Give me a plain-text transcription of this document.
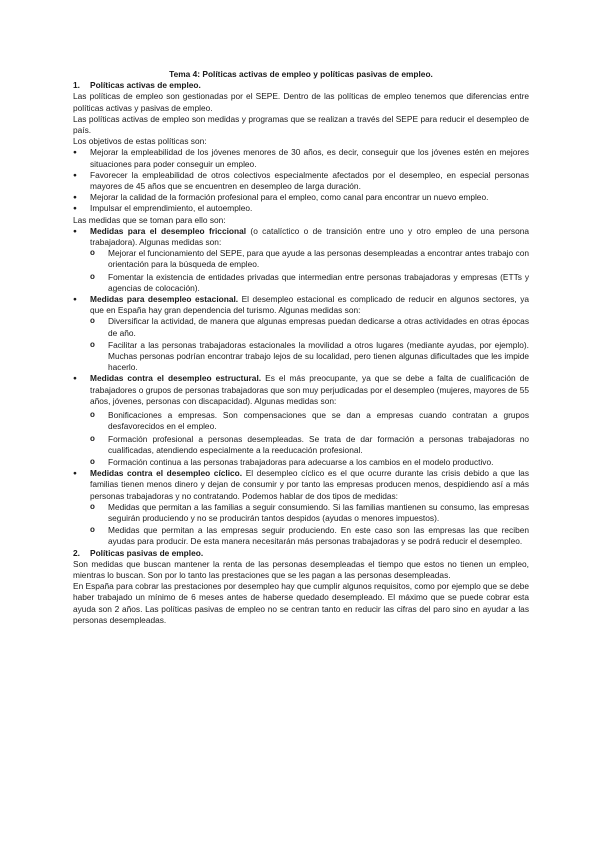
Tema 4: Políticas activas de empleo y políticas pasivas de empleo.

1. Políticas activas de empleo.

Las políticas de empleo son gestionadas por el SEPE. Dentro de las políticas de empleo tenemos que diferencias entre políticas activas y pasivas de empleo.

Las políticas activas de empleo son medidas y programas que se realizan a través del SEPE para reducir el desempleo de país.

Los objetivos de estas políticas son:

● Mejorar la empleabilidad de los jóvenes menores de 30 años, es decir, conseguir que los jóvenes estén en mejores situaciones para poder conseguir un empleo.
● Favorecer la empleabilidad de otros colectivos especialmente afectados por el desempleo, en especial personas mayores de 45 años que se encuentren en desempleo de larga duración.
● Mejorar la calidad de la formación profesional para el empleo, como canal para encontrar un nuevo empleo.
● Impulsar el emprendimiento, el autoempleo.

Las medidas que se toman para ello son:

● Medidas para el desempleo friccional (o catalíctico o de transición entre uno y otro empleo de una persona trabajadora). Algunas medidas son:
o Mejorar el funcionamiento del SEPE, para que ayude a las personas desempleadas a encontrar antes trabajo con orientación para la búsqueda de empleo.
o Fomentar la existencia de entidades privadas que intermedian entre personas trabajadoras y empresas (ETTs y agencias de colocación).
● Medidas para desempleo estacional. El desempleo estacional es complicado de reducir en algunos sectores, ya que en España hay gran dependencia del turismo. Algunas medidas son:
o Diversificar la actividad, de manera que algunas empresas puedan dedicarse a otras actividades en otras épocas de año.
o Facilitar a las personas trabajadoras estacionales la movilidad a otros lugares (mediante ayudas, por ejemplo). Muchas personas podrían encontrar trabajo lejos de su localidad, pero tienen algunas dificultades que les impide hacerlo.
● Medidas contra el desempleo estructural. Es el más preocupante, ya que se debe a falta de cualificación de trabajadores o grupos de personas trabajadoras que son muy perjudicadas por el desempleo (mujeres, mayores de 55 años, jóvenes, personas con discapacidad). Algunas medidas son:
o Bonificaciones a empresas. Son compensaciones que se dan a empresas cuando contratan a grupos desfavorecidos en el empleo.
o Formación profesional a personas desempleadas. Se trata de dar formación a personas trabajadoras no cualificadas, atendiendo especialmente a la reeducación profesional.
o Formación continua a las personas trabajadoras para adecuarse a los cambios en el modelo productivo.
● Medidas contra el desempleo cíclico. El desempleo cíclico es el que ocurre durante las crisis debido a que las familias tienen menos dinero y dejan de consumir y por tanto las empresas producen menos, despidiendo así a más personas trabajadoras y no contratando. Podemos hablar de dos tipos de medidas:
o Medidas que permitan a las familias a seguir consumiendo. Si las familias mantienen su consumo, las empresas seguirán produciendo y no se producirán tantos despidos (ayudas o menores impuestos).
o Medidas que permitan a las empresas seguir produciendo. En este caso son las empresas las que reciben ayudas para producir. De esta manera necesitarán más personas trabajadoras y se podrá reducir el desempleo.

2. Políticas pasivas de empleo.

Son medidas que buscan mantener la renta de las personas desempleadas el tiempo que estos no tienen un empleo, mientras lo buscan. Son por lo tanto las prestaciones que se les pagan a las personas desempleadas.

En España para cobrar las prestaciones por desempleo hay que cumplir algunos requisitos, como por ejemplo que se debe haber trabajado un mínimo de 6 meses antes de haberse quedado desempleado. El máximo que se puede cobrar esta ayuda son 2 años. Las políticas pasivas de empleo no se centran tanto en reducir las cifras del paro sino en ayudar a las personas desempleadas.
